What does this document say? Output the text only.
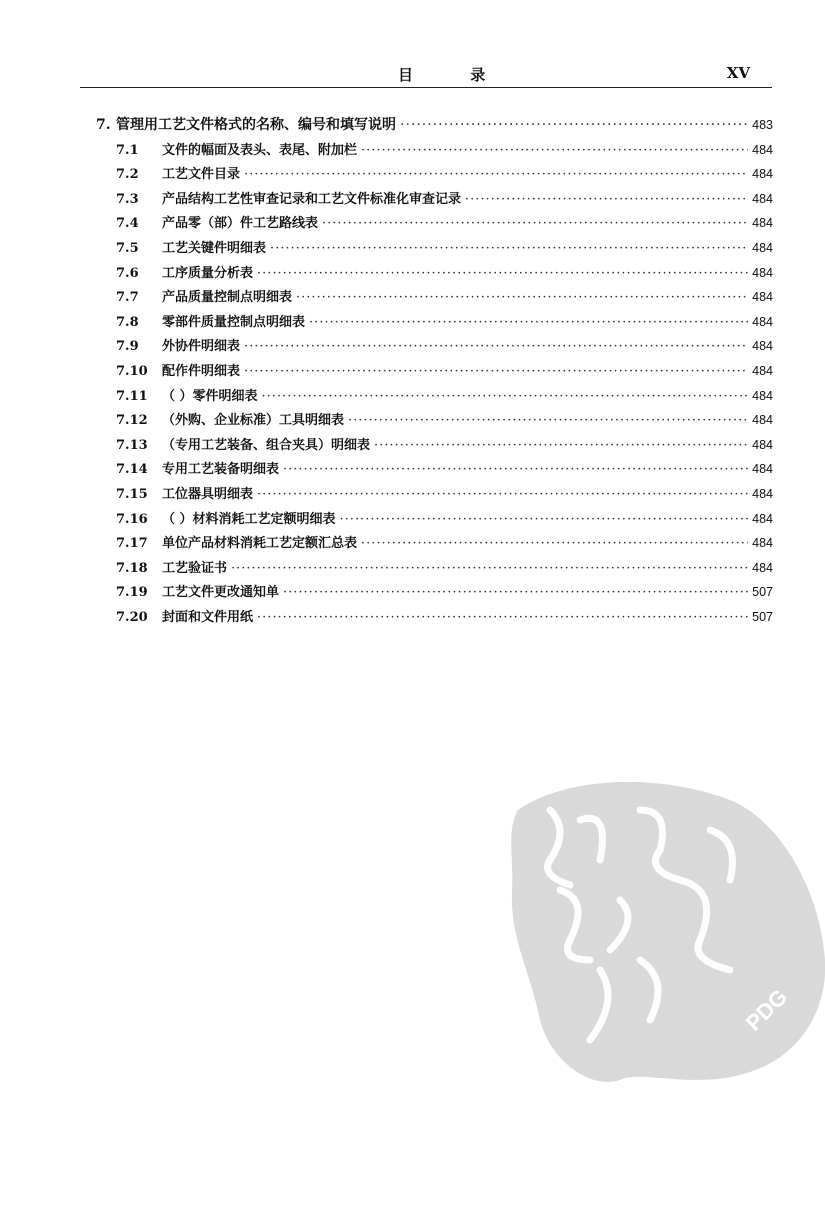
目 录	XV
7. 管理用工艺文件格式的名称、编号和填写说明 ·····	483
7.1	文件的幅面及表头、表尾、附加栏 ·····	484
7.2	工艺文件目录 ·····	484
7.3	产品结构工艺性审查记录和工艺文件标准化审查记录 ·····	484
7.4	产品零（部）件工艺路线表 ·····	484
7.5	工艺关键件明细表 ·····	484
7.6	工序质量分析表 ·····	484
7.7	产品质量控制点明细表 ·····	484
7.8	零部件质量控制点明细表 ·····	484
7.9	外协件明细表 ·····	484
7.10	配作件明细表 ·····	484
7.11	（ ）零件明细表 ·····	484
7.12	（外购、企业标准）工具明细表 ·····	484
7.13	（专用工艺装备、组合夹具）明细表 ·····	484
7.14	专用工艺装备明细表 ·····	484
7.15	工位器具明细表 ·····	484
7.16	（ ）材料消耗工艺定额明细表 ·····	484
7.17	单位产品材料消耗工艺定额汇总表 ·····	484
7.18	工艺验证书 ·····	484
7.19	工艺文件更改通知单 ·····	507
7.20	封面和文件用纸 ·····	507
PDG
